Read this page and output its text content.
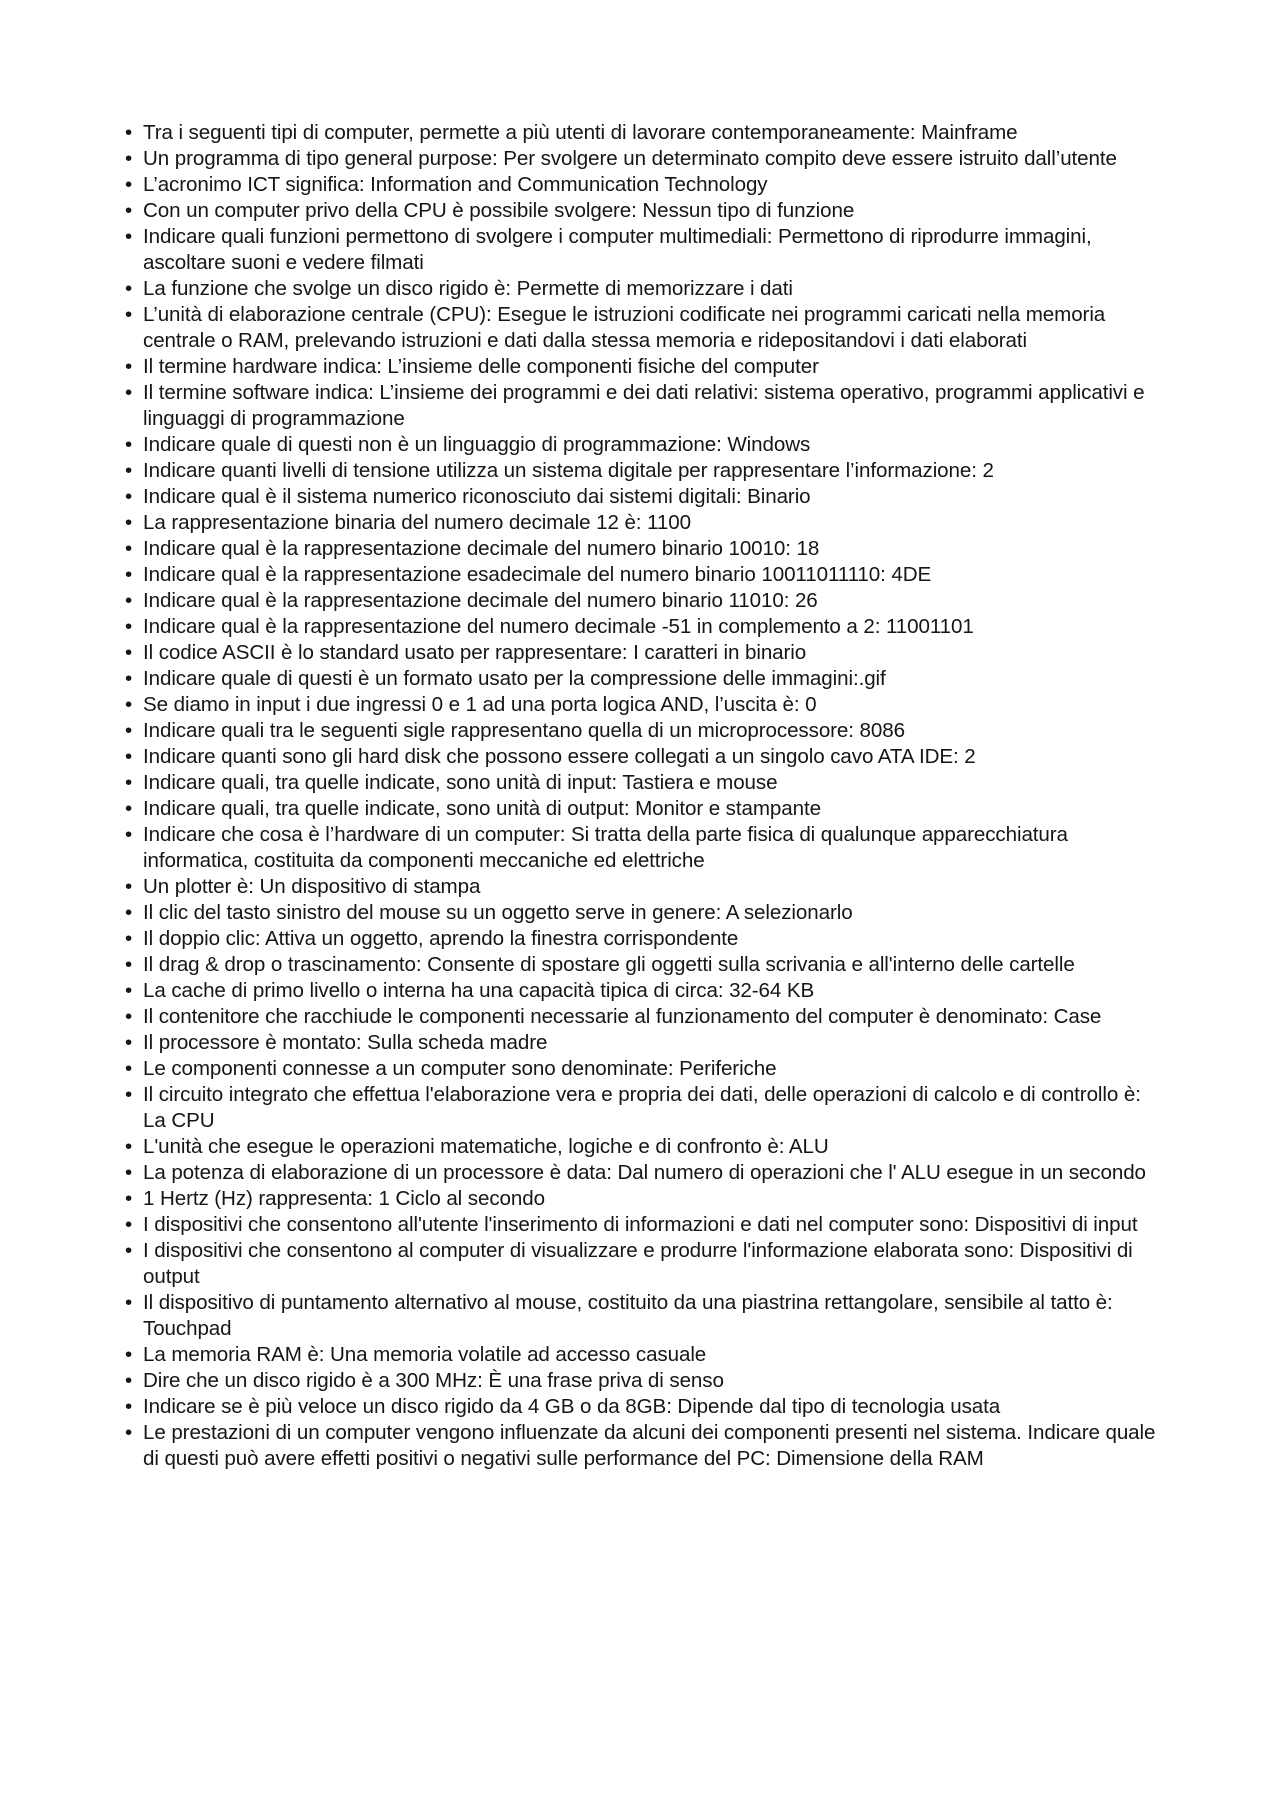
• Tra i seguenti tipi di computer, permette a più utenti di lavorare contemporaneamente: Mainframe
• Un programma di tipo general purpose: Per svolgere un determinato compito deve essere istruito dall’utente
• L’acronimo ICT significa: Information and Communication Technology
• Con un computer privo della CPU è possibile svolgere: Nessun tipo di funzione
• Indicare quali funzioni permettono di svolgere i computer multimediali: Permettono di riprodurre immagini, ascoltare suoni e vedere filmati
• La funzione che svolge un disco rigido è: Permette di memorizzare i dati
• L’unità di elaborazione centrale (CPU): Esegue le istruzioni codificate nei programmi caricati nella memoria centrale o RAM, prelevando istruzioni e dati dalla stessa memoria e ridepositandovi i dati elaborati
• Il termine hardware indica: L’insieme delle componenti fisiche del computer
• Il termine software indica: L’insieme dei programmi e dei dati relativi: sistema operativo, programmi applicativi e linguaggi di programmazione
• Indicare quale di questi non è un linguaggio di programmazione: Windows
• Indicare quanti livelli di tensione utilizza un sistema digitale per rappresentare l’informazione: 2
• Indicare qual è il sistema numerico riconosciuto dai sistemi digitali: Binario
• La rappresentazione binaria del numero decimale 12 è: 1100
• Indicare qual è la rappresentazione decimale del numero binario 10010: 18
• Indicare qual è la rappresentazione esadecimale del numero binario 10011011110: 4DE
• Indicare qual è la rappresentazione decimale del numero binario 11010: 26
• Indicare qual è la rappresentazione del numero decimale -51 in complemento a 2: 11001101
• Il codice ASCII è lo standard usato per rappresentare: I caratteri in binario
• Indicare quale di questi è un formato usato per la compressione delle immagini:.gif
• Se diamo in input i due ingressi 0 e 1 ad una porta logica AND, l’uscita è: 0
• Indicare quali tra le seguenti sigle rappresentano quella di un microprocessore: 8086
• Indicare quanti sono gli hard disk che possono essere collegati a un singolo cavo ATA IDE: 2
• Indicare quali, tra quelle indicate, sono unità di input: Tastiera e mouse
• Indicare quali, tra quelle indicate, sono unità di output: Monitor e stampante
• Indicare che cosa è l’hardware di un computer: Si tratta della parte fisica di qualunque apparecchiatura informatica, costituita da componenti meccaniche ed elettriche
• Un plotter è: Un dispositivo di stampa
• Il clic del tasto sinistro del mouse su un oggetto serve in genere: A selezionarlo
• Il doppio clic: Attiva un oggetto, aprendo la finestra corrispondente
• Il drag & drop o trascinamento: Consente di spostare gli oggetti sulla scrivania e all'interno delle cartelle
• La cache di primo livello o interna ha una capacità tipica di circa: 32-64 KB
• Il contenitore che racchiude le componenti necessarie al funzionamento del computer è denominato: Case
• Il processore è montato: Sulla scheda madre
• Le componenti connesse a un computer sono denominate: Periferiche
• Il circuito integrato che effettua l'elaborazione vera e propria dei dati, delle operazioni di calcolo e di controllo è: La CPU
• L'unità che esegue le operazioni matematiche, logiche e di confronto è: ALU
• La potenza di elaborazione di un processore è data: Dal numero di operazioni che l' ALU esegue in un secondo
• 1 Hertz (Hz) rappresenta: 1 Ciclo al secondo
• I dispositivi che consentono all'utente l'inserimento di informazioni e dati nel computer sono: Dispositivi di input
• I dispositivi che consentono al computer di visualizzare e produrre l'informazione elaborata sono: Dispositivi di output
• Il dispositivo di puntamento alternativo al mouse, costituito da una piastrina rettangolare, sensibile al tatto è: Touchpad
• La memoria RAM è: Una memoria volatile ad accesso casuale
• Dire che un disco rigido è a 300 MHz: È una frase priva di senso
• Indicare se è più veloce un disco rigido da 4 GB o da 8GB: Dipende dal tipo di tecnologia usata
• Le prestazioni di un computer vengono influenzate da alcuni dei componenti presenti nel sistema. Indicare quale di questi può avere effetti positivi o negativi sulle performance del PC: Dimensione della RAM
